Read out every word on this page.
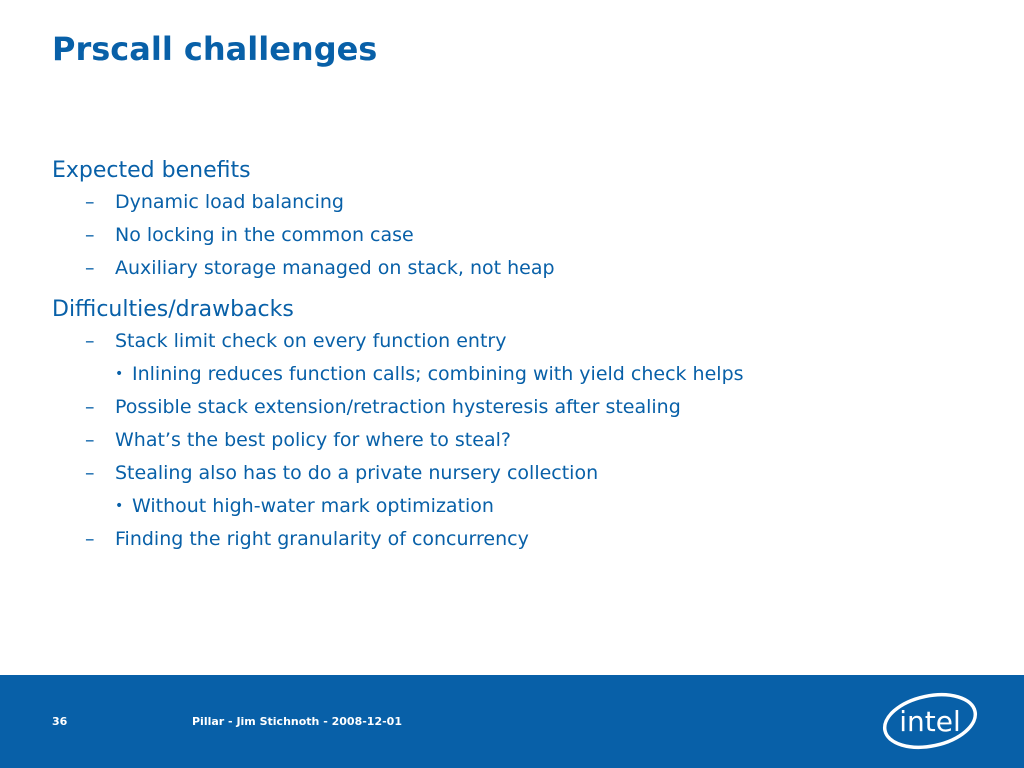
Prscall challenges
Expected benefits
– Dynamic load balancing
– No locking in the common case
– Auxiliary storage managed on stack, not heap
Difficulties/drawbacks
– Stack limit check on every function entry
• Inlining reduces function calls; combining with yield check helps
– Possible stack extension/retraction hysteresis after stealing
– What’s the best policy for where to steal?
– Stealing also has to do a private nursery collection
• Without high-water mark optimization
– Finding the right granularity of concurrency
36	Pillar - Jim Stichnoth - 2008-12-01	intel
